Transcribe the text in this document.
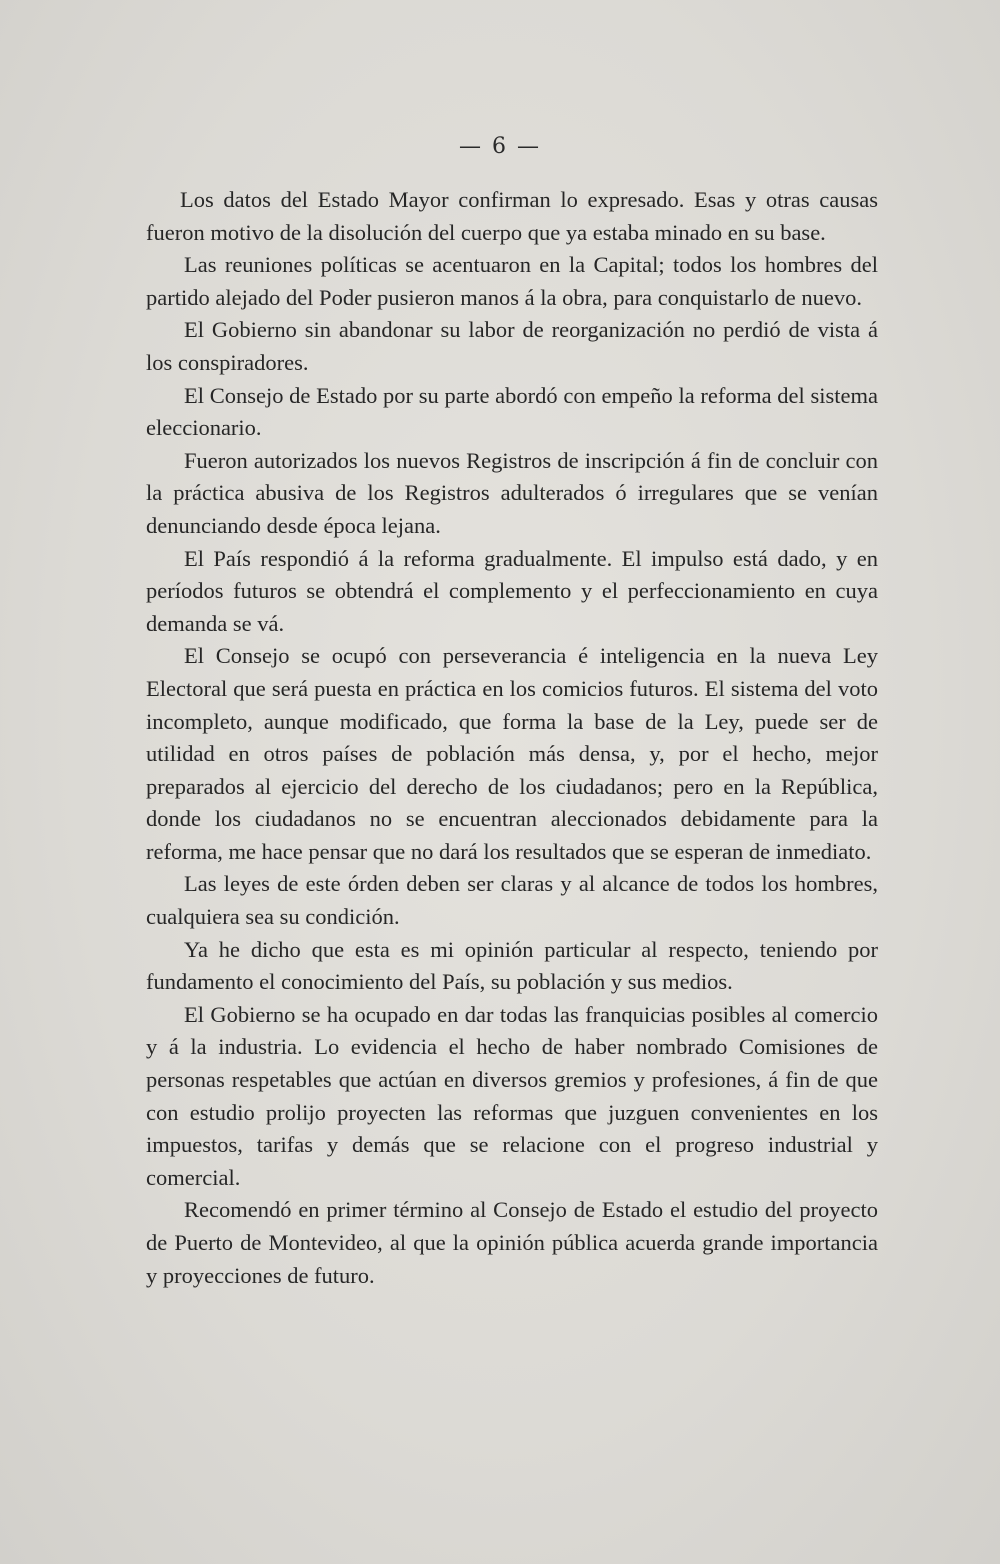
— 6 —

Los datos del Estado Mayor confirman lo expresado. Esas y otras causas fueron motivo de la disolución del cuerpo que ya estaba minado en su base.

Las reuniones políticas se acentuaron en la Capital; todos los hombres del partido alejado del Poder pusieron manos á la obra, para conquistarlo de nuevo.

El Gobierno sin abandonar su labor de reorganización no perdió de vista á los conspiradores.

El Consejo de Estado por su parte abordó con empeño la reforma del sistema eleccionario.

Fueron autorizados los nuevos Registros de inscripción á fin de concluir con la práctica abusiva de los Registros adulterados ó irregulares que se venían denunciando desde época lejana.

El País respondió á la reforma gradualmente. El impulso está dado, y en períodos futuros se obtendrá el complemento y el perfeccionamiento en cuya demanda se vá.

El Consejo se ocupó con perseverancia é inteligencia en la nueva Ley Electoral que será puesta en práctica en los comicios futuros. El sistema del voto incompleto, aunque modificado, que forma la base de la Ley, puede ser de utilidad en otros países de población más densa, y, por el hecho, mejor preparados al ejercicio del derecho de los ciudadanos; pero en la República, donde los ciudadanos no se encuentran aleccionados debidamente para la reforma, me hace pensar que no dará los resultados que se esperan de inmediato.

Las leyes de este órden deben ser claras y al alcance de todos los hombres, cualquiera sea su condición.

Ya he dicho que esta es mi opinión particular al respecto, teniendo por fundamento el conocimiento del País, su población y sus medios.

El Gobierno se ha ocupado en dar todas las franquicias posibles al comercio y á la industria. Lo evidencia el hecho de haber nombrado Comisiones de personas respetables que actúan en diversos gremios y profesiones, á fin de que con estudio prolijo proyecten las reformas que juzguen convenientes en los impuestos, tarifas y demás que se relacione con el progreso industrial y comercial.

Recomendó en primer término al Consejo de Estado el estudio del proyecto de Puerto de Montevideo, al que la opinión pública acuerda grande importancia y proyecciones de futuro.
